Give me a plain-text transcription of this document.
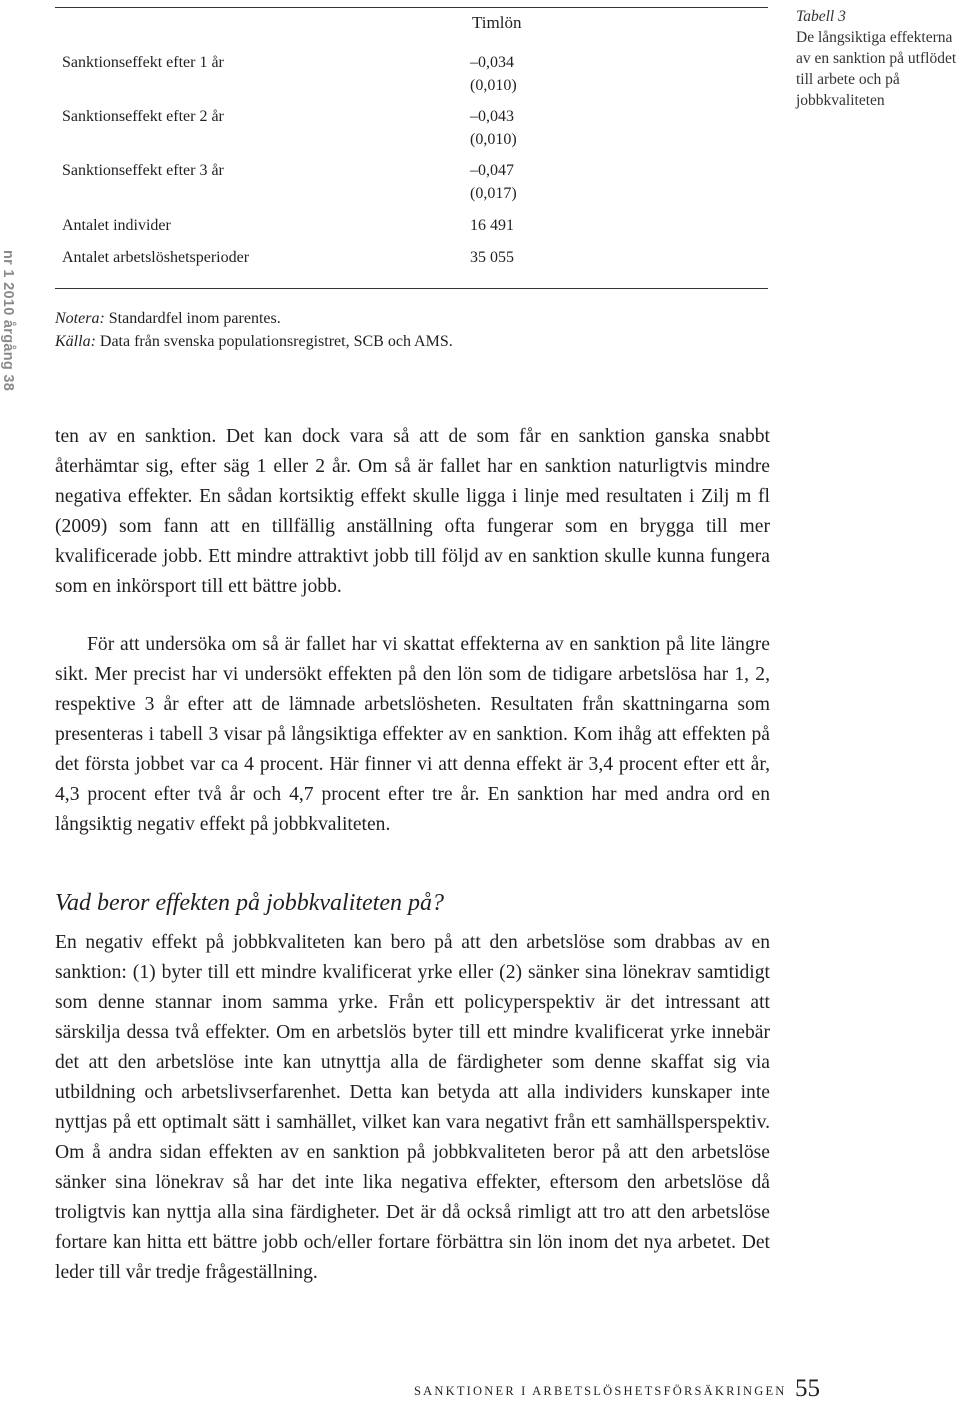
nr 1 2010 årgång 38
Timlön
Sanktionseffekt efter 1 år	–0,034
(0,010)
Sanktionseffekt efter 2 år	–0,043
(0,010)
Sanktionseffekt efter 3 år	–0,047
(0,017)
Antalet individer	16 491
Antalet arbetslöshetsperioder	35 055
Tabell 3
De långsiktiga effekterna av en sanktion på utflödet till arbete och på jobbkvaliteten
Notera: Standardfel inom parentes.
Källa: Data från svenska populationsregistret, SCB och AMS.

ten av en sanktion. Det kan dock vara så att de som får en sanktion ganska snabbt återhämtar sig, efter säg 1 eller 2 år. Om så är fallet har en sanktion naturligtvis mindre negativa effekter. En sådan kortsiktig effekt skulle ligga i linje med resultaten i Zilj m fl (2009) som fann att en tillfällig anställning ofta fungerar som en brygga till mer kvalificerade jobb. Ett mindre attraktivt jobb till följd av en sanktion skulle kunna fungera som en inkörsport till ett bättre jobb.

För att undersöka om så är fallet har vi skattat effekterna av en sanktion på lite längre sikt. Mer precist har vi undersökt effekten på den lön som de tidigare arbetslösa har 1, 2, respektive 3 år efter att de lämnade arbetslösheten. Resultaten från skattningarna som presenteras i tabell 3 visar på långsiktiga effekter av en sanktion. Kom ihåg att effekten på det första jobbet var ca 4 procent. Här finner vi att denna effekt är 3,4 procent efter ett år, 4,3 procent efter två år och 4,7 procent efter tre år. En sanktion har med andra ord en långsiktig negativ effekt på jobbkvaliteten.

Vad beror effekten på jobbkvaliteten på?

En negativ effekt på jobbkvaliteten kan bero på att den arbetslöse som drabbas av en sanktion: (1) byter till ett mindre kvalificerat yrke eller (2) sänker sina lönekrav samtidigt som denne stannar inom samma yrke. Från ett policyperspektiv är det intressant att särskilja dessa två effekter. Om en arbetslös byter till ett mindre kvalificerat yrke innebär det att den arbetslöse inte kan utnyttja alla de färdigheter som denne skaffat sig via utbildning och arbetslivserfarenhet. Detta kan betyda att alla individers kunskaper inte nyttjas på ett optimalt sätt i samhället, vilket kan vara negativt från ett samhällsperspektiv. Om å andra sidan effekten av en sanktion på jobbkvaliteten beror på att den arbetslöse sänker sina lönekrav så har det inte lika negativa effekter, eftersom den arbetslöse då troligtvis kan nyttja alla sina färdigheter. Det är då också rimligt att tro att den arbetslöse fortare kan hitta ett bättre jobb och/eller fortare förbättra sin lön inom det nya arbetet. Det leder till vår tredje frågeställning.

SANKTIONER I ARBETSLÖSHETSFÖRSÄKRINGEN 55
